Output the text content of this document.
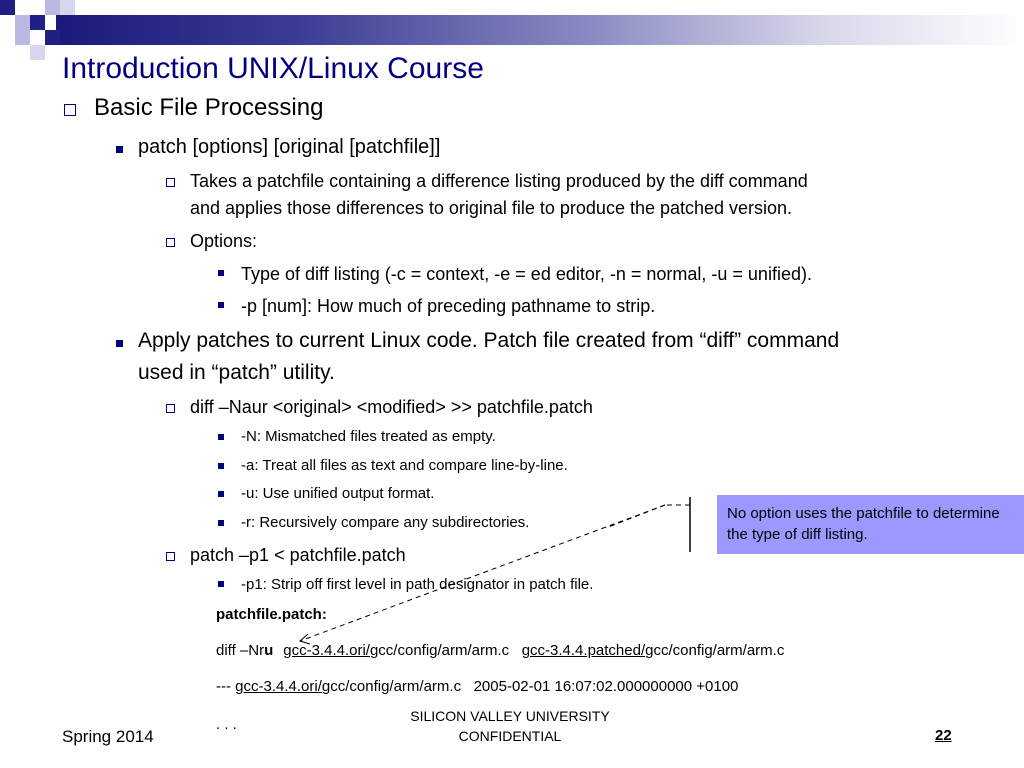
Introduction UNIX/Linux Course
Basic File Processing
patch [options] [original [patchfile]]
Takes a patchfile containing a difference listing produced by the diff command
and applies those differences to original file to produce the patched version.
Options:
Type of diff listing (-c = context, -e = ed editor, -n = normal, -u = unified).
-p [num]: How much of preceding pathname to strip.
Apply patches to current Linux code. Patch file created from “diff” command
used in “patch” utility.
diff –Naur <original> <modified> >> patchfile.patch
-N: Mismatched files treated as empty.
-a: Treat all files as text and compare line-by-line.
-u: Use unified output format.
-r: Recursively compare any subdirectories.
patch –p1 < patchfile.patch
-p1: Strip off first level in path designator in patch file.
patchfile.patch:
diff –Nru gcc-3.4.4.ori/gcc/config/arm/arm.c gcc-3.4.4.patched/gcc/config/arm/arm.c
--- gcc-3.4.4.ori/gcc/config/arm/arm.c   2005-02-01 16:07:02.000000000 +0100
. . .
No option uses the patchfile to determine the type of diff listing.
Spring 2014
SILICON VALLEY UNIVERSITY
CONFIDENTIAL	22
